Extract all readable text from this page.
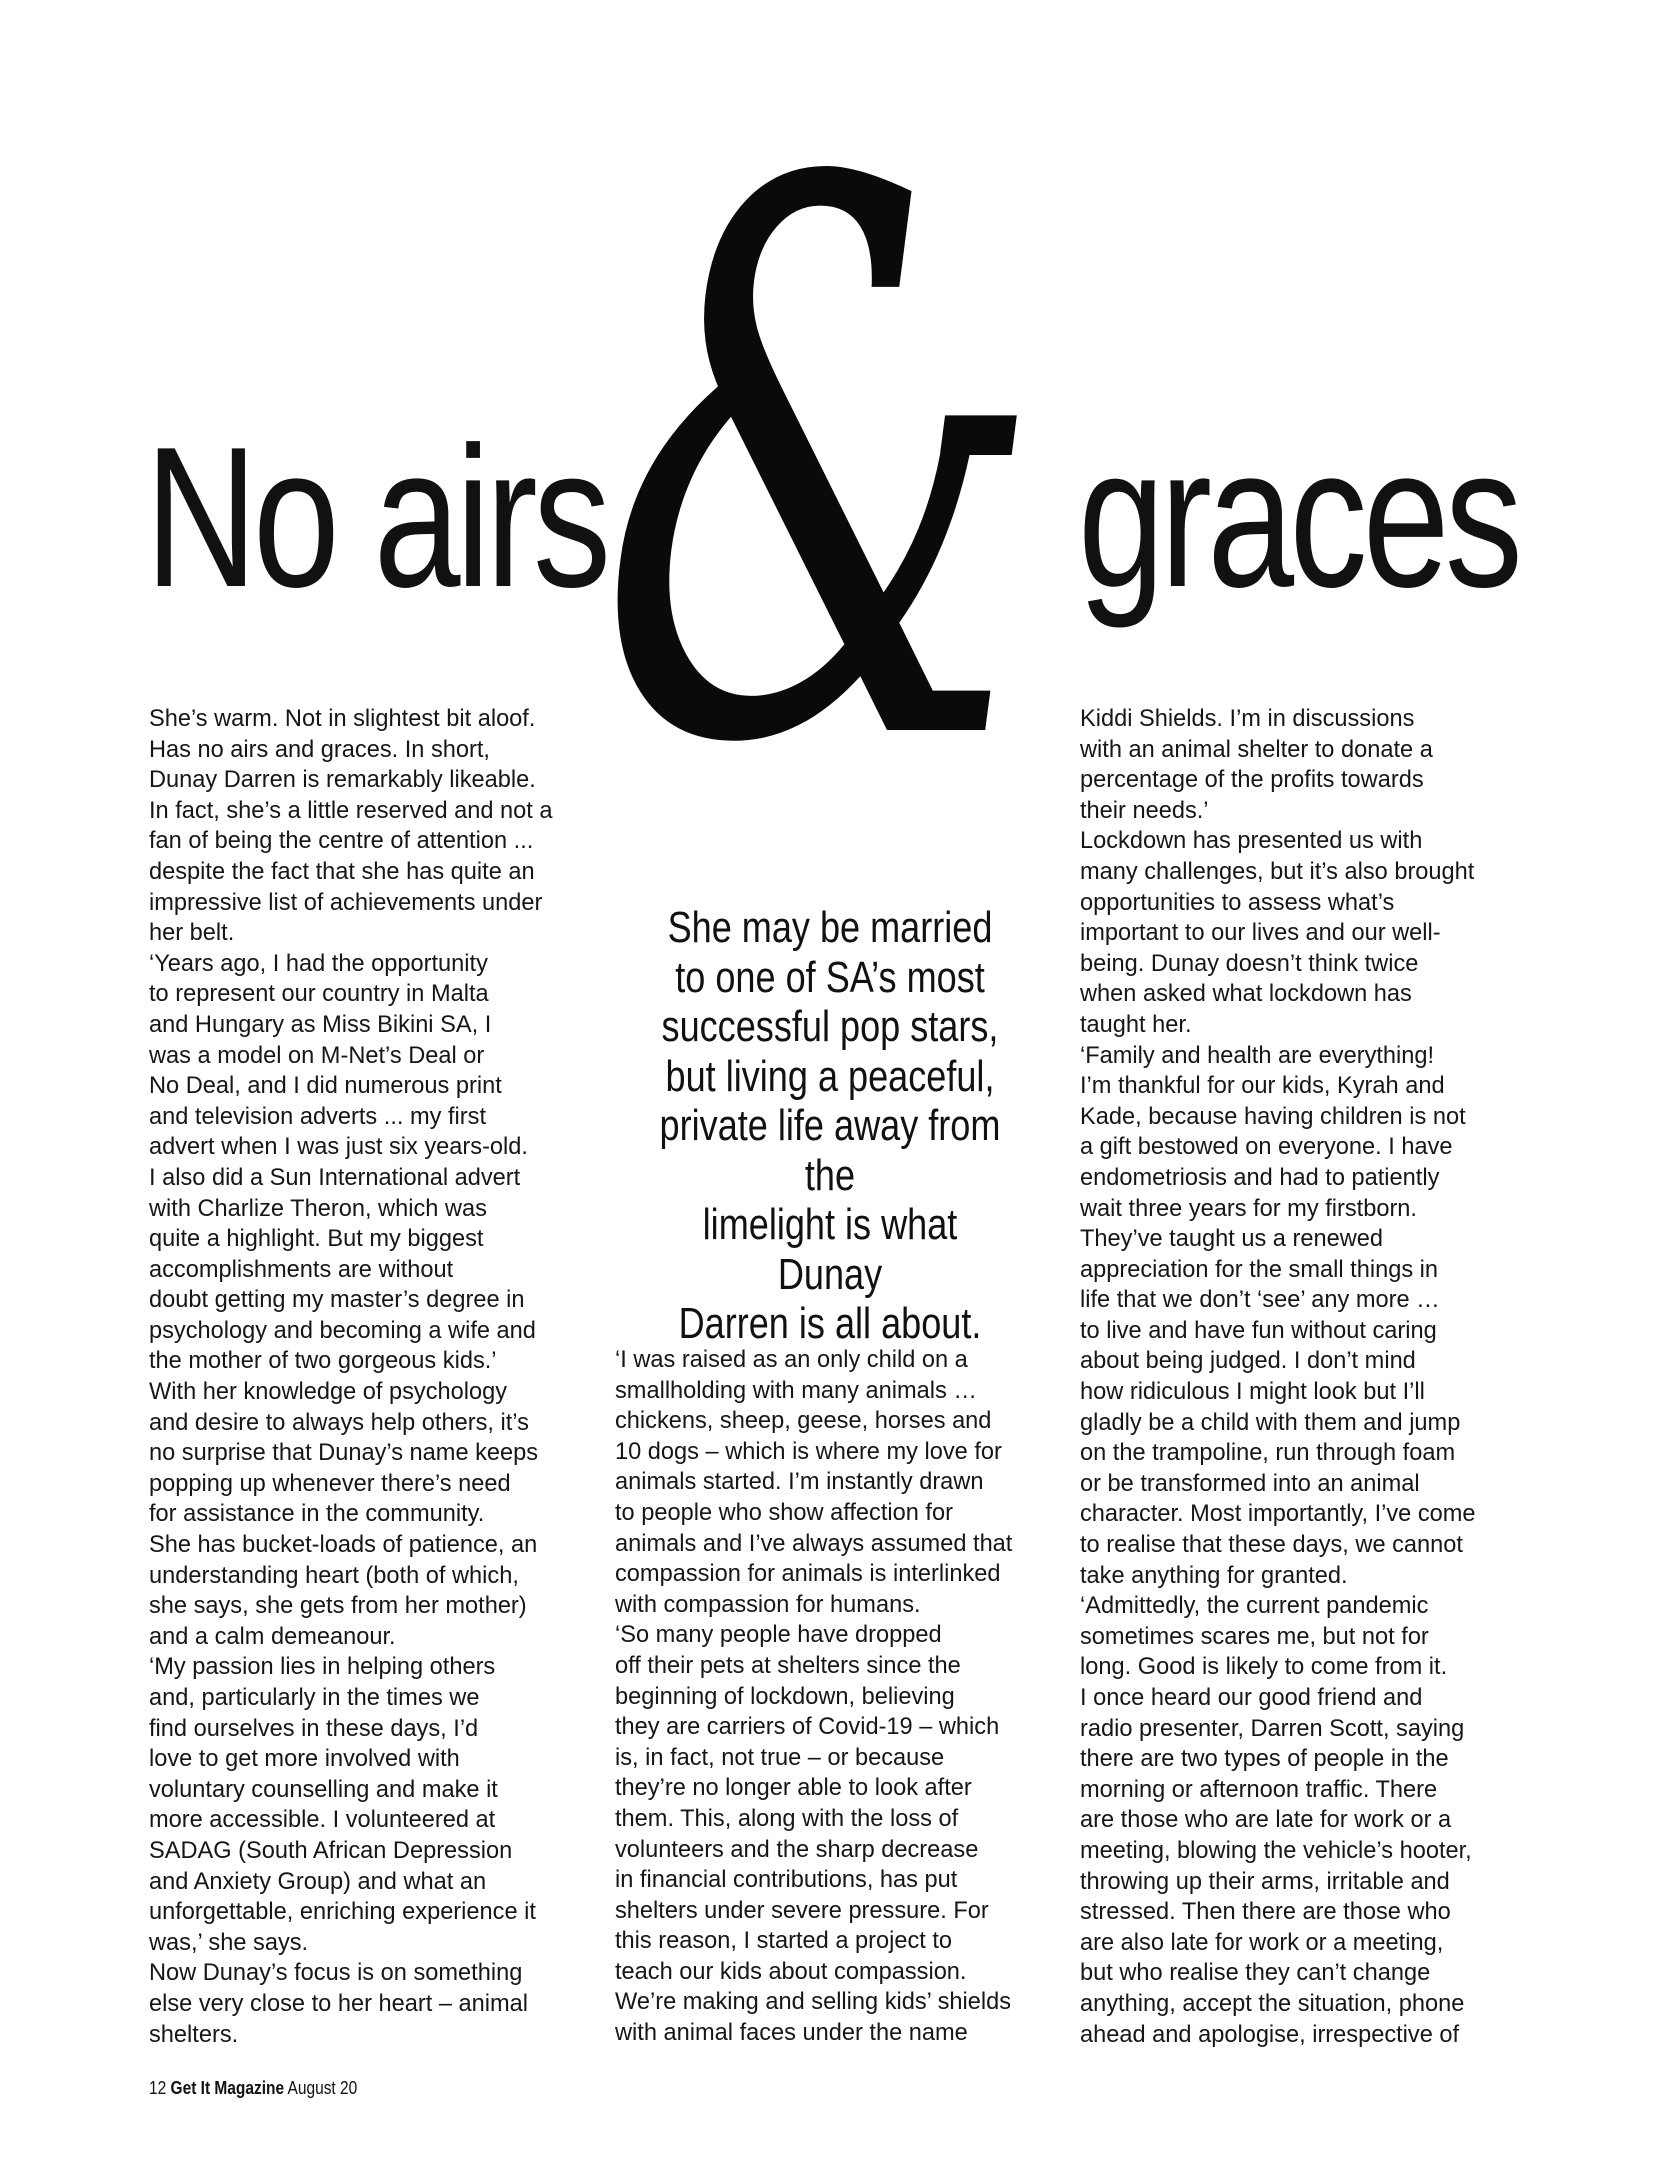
No airs
& graces

She’s warm. Not in slightest bit aloof.
Has no airs and graces. In short,
Dunay Darren is remarkably likeable.
In fact, she’s a little reserved and not a
fan of being the centre of attention ...
despite the fact that she has quite an
impressive list of achievements under
her belt.

‘Years ago, I had the opportunity
to represent our country in Malta
and Hungary as Miss Bikini SA, I
was a model on M-Net’s Deal or
No Deal, and I did numerous print
and television adverts ... my first
advert when I was just six years-old.
I also did a Sun International advert
with Charlize Theron, which was
quite a highlight. But my biggest
accomplishments are without
doubt getting my master’s degree in
psychology and becoming a wife and
the mother of two gorgeous kids.’

With her knowledge of psychology
and desire to always help others, it’s
no surprise that Dunay’s name keeps
popping up whenever there’s need
for assistance in the community.

She has bucket-loads of patience, an
understanding heart (both of which,
she says, she gets from her mother)
and a calm demeanour.

‘My passion lies in helping others
and, particularly in the times we
find ourselves in these days, I’d
love to get more involved with
voluntary counselling and make it
more accessible. I volunteered at
SADAG (South African Depression
and Anxiety Group) and what an
unforgettable, enriching experience it
was,’ she says.

Now Dunay’s focus is on something
else very close to her heart – animal
shelters.

She may be married
to one of SA’s most
successful pop stars,
but living a peaceful,
private life away from the
limelight is what Dunay
Darren is all about.

‘I was raised as an only child on a
smallholding with many animals …
chickens, sheep, geese, horses and
10 dogs – which is where my love for
animals started. I’m instantly drawn
to people who show affection for
animals and I’ve always assumed that
compassion for animals is interlinked
with compassion for humans.

‘So many people have dropped
off their pets at shelters since the
beginning of lockdown, believing
they are carriers of Covid-19 – which
is, in fact, not true – or because
they’re no longer able to look after
them. This, along with the loss of
volunteers and the sharp decrease
in financial contributions, has put
shelters under severe pressure. For
this reason, I started a project to
teach our kids about compassion.
We’re making and selling kids’ shields
with animal faces under the name

Kiddi Shields. I’m in discussions
with an animal shelter to donate a
percentage of the profits towards
their needs.’

Lockdown has presented us with
many challenges, but it’s also brought
opportunities to assess what’s
important to our lives and our well-
being. Dunay doesn’t think twice
when asked what lockdown has
taught her.

‘Family and health are everything!
I’m thankful for our kids, Kyrah and
Kade, because having children is not
a gift bestowed on everyone. I have
endometriosis and had to patiently
wait three years for my firstborn.
They’ve taught us a renewed
appreciation for the small things in
life that we don’t ‘see’ any more …
to live and have fun without caring
about being judged. I don’t mind
how ridiculous I might look but I’ll
gladly be a child with them and jump
on the trampoline, run through foam
or be transformed into an animal
character. Most importantly, I’ve come
to realise that these days, we cannot
take anything for granted.

‘Admittedly, the current pandemic
sometimes scares me, but not for
long. Good is likely to come from it.
I once heard our good friend and
radio presenter, Darren Scott, saying
there are two types of people in the
morning or afternoon traffic. There
are those who are late for work or a
meeting, blowing the vehicle’s hooter,
throwing up their arms, irritable and
stressed. Then there are those who
are also late for work or a meeting,
but who realise they can’t change
anything, accept the situation, phone
ahead and apologise, irrespective of

12 Get It Magazine August 20
